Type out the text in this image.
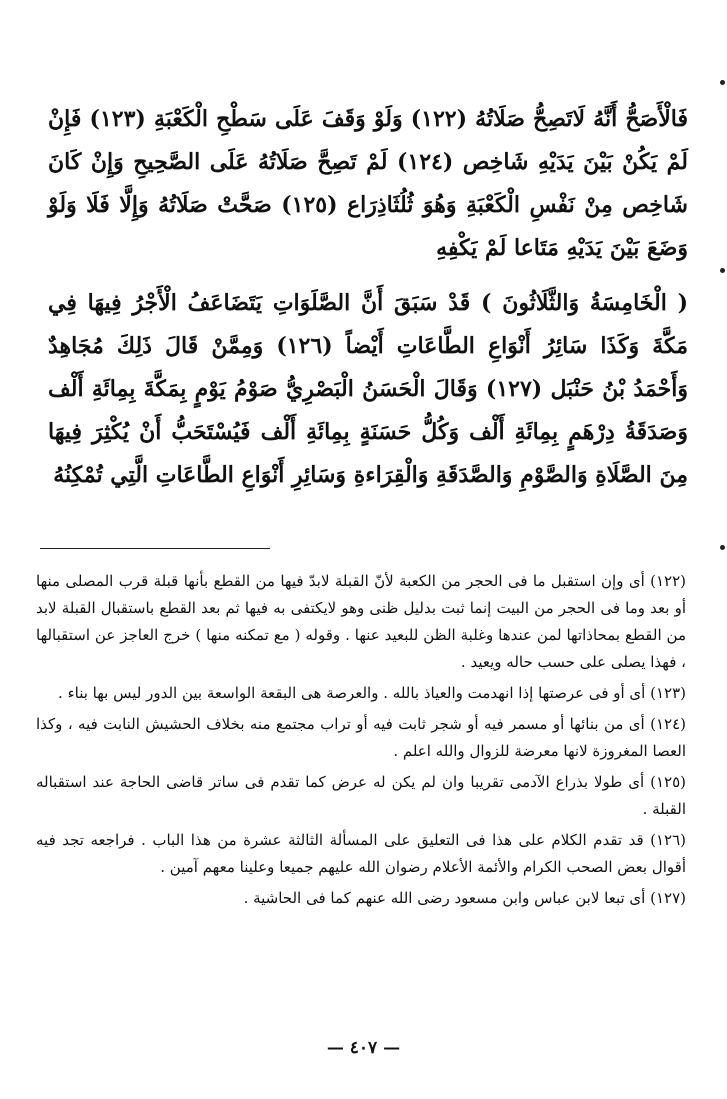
فَالْأَصَحُّ أَنَّهُ لَاتَصِحُّ صَلَاتُهُ (١٢٢) وَلَوْ وَقَفَ عَلَى سَطْحِ الْكَعْبَةِ (١٢٣) فَإِنْ لَمْ يَكُنْ بَيْنَ يَدَيْهِ شَاخِص (١٢٤) لَمْ تَصِحَّ صَلَاتُهُ عَلَى الصَّحِيحِ وَإِنْ كَانَ شَاخِص مِنْ نَفْسِ الْكَعْبَةِ وَهُوَ ثُلُثَاذِرَاع (١٢٥) صَحَّتْ صَلَاتُهُ وَإِلَّا فَلَا وَلَوْ وَضَعَ بَيْنَ يَدَيْهِ مَتَاعا لَمْ يَكْفِهِ

( الْخَامِسَةُ وَالثَّلَاثُونَ ) قَدْ سَبَقَ أَنَّ الصَّلَوَاتِ يَتَضَاعَفُ الْأَجْرُ فِيهَا فِي مَكَّةَ وَكَذَا سَائِرُ أَنْوَاعِ الطَّاعَاتِ أَيْضاً (١٢٦) وَمِمَّنْ قَالَ ذَلِكَ مُجَاهِدٌ وَأَحْمَدُ بْنُ حَنْبَل (١٢٧) وَقَالَ الْحَسَنُ الْبَصْرِيُّ صَوْمُ يَوْمٍ بِمَكَّةَ بِمِائَةِ أَلْف وَصَدَقَةُ دِرْهَمٍ بِمِائَةِ أَلْف وَكُلُّ حَسَنَةٍ بِمِائَةِ أَلْف فَيُسْتَحَبُّ أَنْ يُكْثِرَ فِيهَا مِنَ الصَّلَاةِ وَالصَّوْمِ وَالصَّدَقَةِ وَالْقِرَاءةِ وَسَائِرِ أَنْوَاعِ الطَّاعَاتِ الَّتِي تُمْكِنُهُ

(١٢٢) أى وإن استقبل ما فى الحجر من الكعبة لأنّ القبلة لابدّ فيها من القطع بأنها قبلة قرب المصلى منها أو بعد وما فى الحجر من البيت إنما ثبت بدليل ظنى وهو لايكتفى به فيها ثم بعد القطع باستقبال القبلة لابد من القطع بمحاذاتها لمن عندها وغلبة الظن للبعيد عنها . وقوله ( مع تمكنه منها ) خرج العاجز عن استقبالها ، فهذا يصلى على حسب حاله ويعيد .

(١٢٣) أى أو فى عرصتها إذا انهدمت والعياذ بالله . والعرصة هى البقعة الواسعة بين الدور ليس بها بناء .

(١٢٤) أى من بنائها أو مسمر فيه أو شجر ثابت فيه أو تراب مجتمع منه بخلاف الحشيش النابت فيه ، وكذا العصا المغروزة لانها معرضة للزوال والله اعلم .

(١٢٥) أى طولا بذراع الآدمى تقريبا وان لم يكن له عرض كما تقدم فى ساتر قاضى الحاجة عند استقباله القبلة .

(١٢٦) قد تقدم الكلام على هذا فى التعليق على المسألة الثالثة عشرة من هذا الباب . فراجعه تجد فيه أقوال بعض الصحب الكرام والأئمة الأعلام رضوان الله عليهم جميعا وعلينا معهم آمين .

(١٢٧) أى تبعا لابن عباس وابن مسعود رضى الله عنهم كما فى الحاشية .

— ٤٠٧ —
